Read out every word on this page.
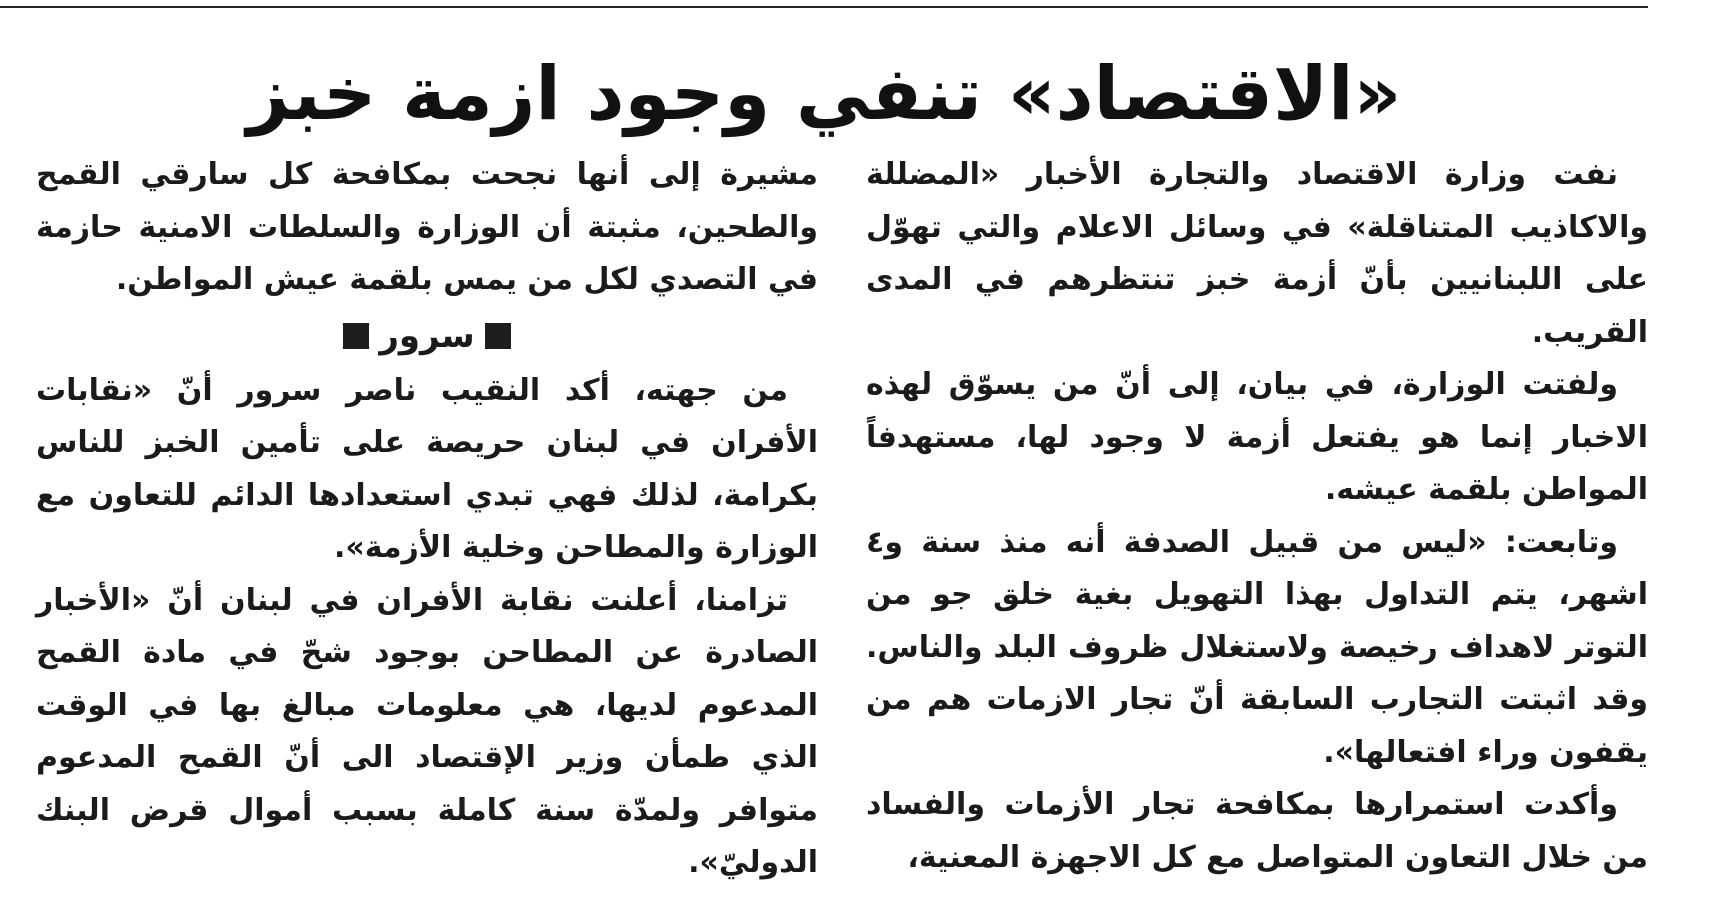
«الاقتصاد» تنفي وجود ازمة خبز

نفت وزارة الاقتصاد والتجارة الأخبار «المضللة والاكاذيب المتناقلة» في وسائل الاعلام والتي تهوّل على اللبنانيين بأنّ أزمة خبز تنتظرهم في المدى القريب.

ولفتت الوزارة، في بيان، إلى أنّ من يسوّق لهذه الاخبار إنما هو يفتعل أزمة لا وجود لها، مستهدفاً المواطن بلقمة عيشه.

وتابعت: «ليس من قبيل الصدفة أنه منذ سنة و٤ اشهر، يتم التداول بهذا التهويل بغية خلق جو من التوتر لاهداف رخيصة ولاستغلال ظروف البلد والناس. وقد اثبتت التجارب السابقة أنّ تجار الازمات هم من يقفون وراء افتعالها».

وأكدت استمرارها بمكافحة تجار الأزمات والفساد من خلال التعاون المتواصل مع كل الاجهزة المعنية،

مشيرة إلى أنها نجحت بمكافحة كل سارقي القمح والطحين، مثبتة أن الوزارة والسلطات الامنية حازمة في التصدي لكل من يمس بلقمة عيش المواطن.

سرور

من جهته، أكد النقيب ناصر سرور أنّ «نقابات الأفران في لبنان حريصة على تأمين الخبز للناس بكرامة، لذلك فهي تبدي استعدادها الدائم للتعاون مع الوزارة والمطاحن وخلية الأزمة».

تزامنا، أعلنت نقابة الأفران في لبنان أنّ «الأخبار الصادرة عن المطاحن بوجود شحّ في مادة القمح المدعوم لديها، هي معلومات مبالغ بها في الوقت الذي طمأن وزير الإقتصاد الى أنّ القمح المدعوم متوافر ولمدّة سنة كاملة بسبب أموال قرض البنك الدوليّ».
